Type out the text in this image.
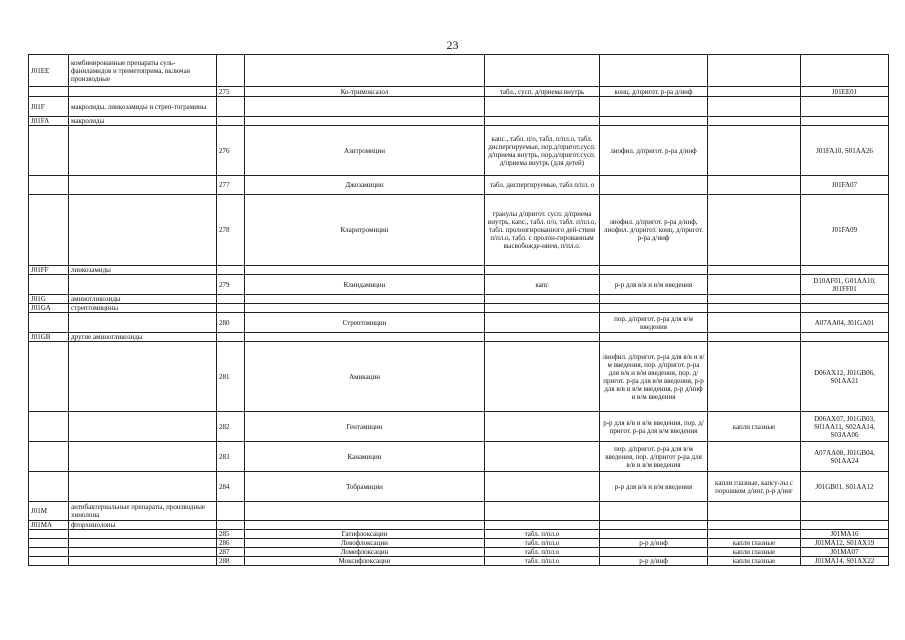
23
J01EE	комбинированные препараты суль-фаниламидов и триметоприма, включая производные						
		275	Ко-тримоксазол	табл., сусп. д/приема внутрь	конц. д/пригот. р-ра д/инф		J01EE01
J01F	макролиды, линкозамиды и стреп-тограмины						
J01FA	макролиды						
		276	Азитромицин	капс., табл. п/о, табл. п/пл.о, табл. диспергируемые, пор.д/пригот.сусп. д/приема внутрь, пор.д/пригот.сусп. д/приема внутрь (для детей)	лиофил. д/пригот. р-ра д/инф		J01FA10, S01AA26
		277	Джозамицин	табл. диспергируемые, табл п/пл. о			J01FA07
		278	Кларитромицин	гранулы д/пригот. сусп. д/приема внутрь, капс., табл. п/о, табл. п/пл.о, табл. пролонгированного дей-ствия п/пл.о, табл. с пролон-гированным высвобожде-нием, п/пл.о.	лиофил. д/пригот. р-ра д/инф, лиофил. д/пригот. конц. д/пригот. р-ра д/инф		J01FA09
J01FF	линкозамиды						
		279	Клиндамицин	капс	р-р для в/в и в/м введения		D10AF01, G01AA10, J01FF01
J01G	аминогликозиды						
J01GA	стрептомицины						
		280	Стрептомицин		пор. д/пригот. р-ра для в/м введения		A07AA04, J01GA01
J01GB	другие аминогликозиды						
		281	Амикацин		лиофил. д/пригот. р-ра для в/в и в/м введения, пор. д/пригот. р-ра для в/в и в/м введения, пор. д/пригот. р-ра для в/м введения, р-р для в/в и в/м введения, р-р д/инф и в/м введения		D06AX12, J01GB06, S01AA21
		282	Гентамицин		р-р для в/в и в/м введения, пор. д/пригот. р-ра для в/м введения	капли глазные	D06AX07, J01GB03, S01AA11, S02AA14, S03AA06
		283	Канамицин		пор. д/пригот. р-ра для в/м введения, пор. д/пригот р-ра для в/в и в/м введения		A07AA08, J01GB04, S01AA24
		284	Тобрамицин		р-р для в/в и в/м введения	капли глазные, капсу-лы с порошком д/инг, р-р д/инг	J01GB01. S01AA12
J01M	антибактериальные препараты, производные хинолона						
J01MA	фторхинолоны						
		285	Гатифлоксацин	табл. п/пл.о			J01MA16
		286	Левофлоксацин	табл. п/пл.о	р-р д/инф	капли глазные	J01MA12, S01AX19
		287	Ломефлоксацин	табл. п/пл.о		капли глазные	J01MA07
		288	Моксифлоксацин	табл. п/пл.о	р-р д/инф	капли глазные	J01MA14, S01AX22
